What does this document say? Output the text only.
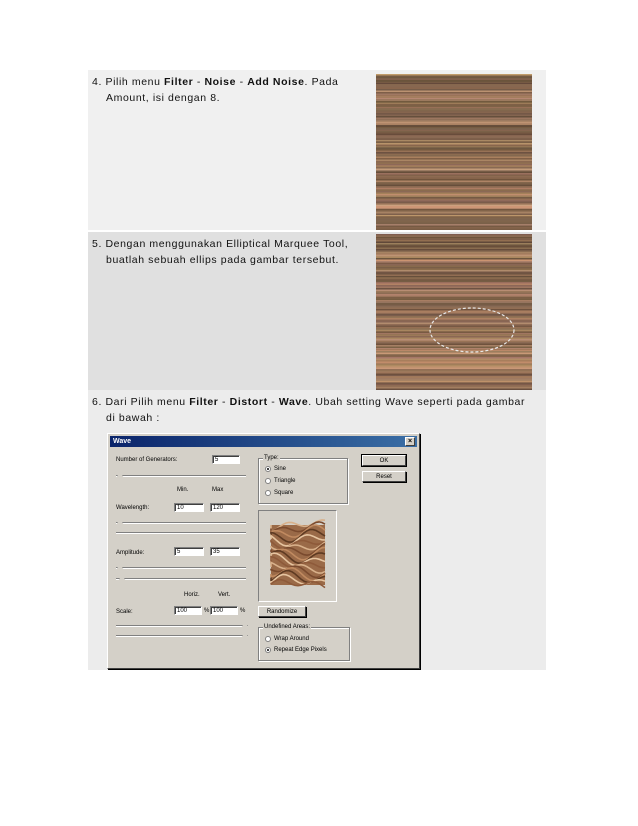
4. Pilih menu Filter - Noise - Add Noise. Pada
Amount, isi dengan 8.
5. Dengan menggunakan Elliptical Marquee Tool,
buatlah sebuah ellips pada gambar tersebut.
6. Dari Pilih menu Filter - Distort - Wave. Ubah setting Wave seperti pada gambar
di bawah :
Wave	×
Number of Generators:	5
Min.	Max
Wavelength:	10	120
Amplitude:	5	35
Horiz.	Vert.
Scale:	100	% 100	%
Type:
Sine
Triangle
Square
OK
Reset
Randomize
Undefined Areas:
Wrap Around
Repeat Edge Pixels
